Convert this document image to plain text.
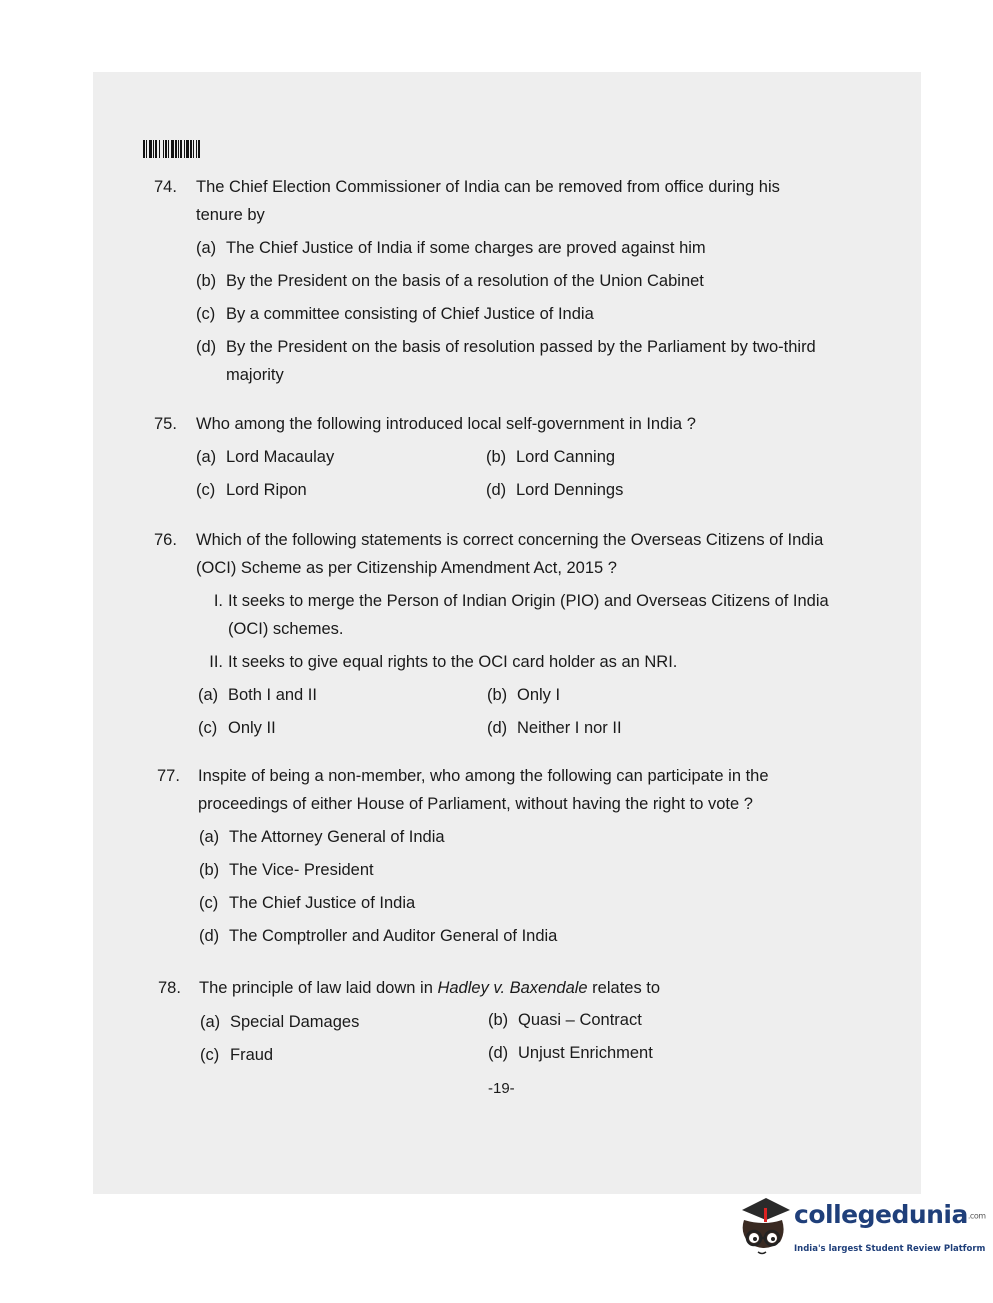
74. The Chief Election Commissioner of India can be removed from office during his tenure by
(a) The Chief Justice of India if some charges are proved against him
(b) By the President on the basis of a resolution of the Union Cabinet
(c) By a committee consisting of Chief Justice of India
(d) By the President on the basis of resolution passed by the Parliament by two-third majority
75. Who among the following introduced local self-government in India ?
(a) Lord Macaulay	(b) Lord Canning
(c) Lord Ripon	(d) Lord Dennings
76. Which of the following statements is correct concerning the Overseas Citizens of India (OCI) Scheme as per Citizenship Amendment Act, 2015 ?
I. It seeks to merge the Person of Indian Origin (PIO) and Overseas Citizens of India (OCI) schemes.
II. It seeks to give equal rights to the OCI card holder as an NRI.
(a) Both I and II	(b) Only I
(c) Only II	(d) Neither I nor II
77. Inspite of being a non-member, who among the following can participate in the proceedings of either House of Parliament, without having the right to vote ?
(a) The Attorney General of India
(b) The Vice- President
(c) The Chief Justice of India
(d) The Comptroller and Auditor General of India
78. The principle of law laid down in Hadley v. Baxendale relates to
(a) Special Damages	(b) Quasi – Contract
(c) Fraud	(d) Unjust Enrichment
-19-
collegedunia.com
India's largest Student Review Platform
